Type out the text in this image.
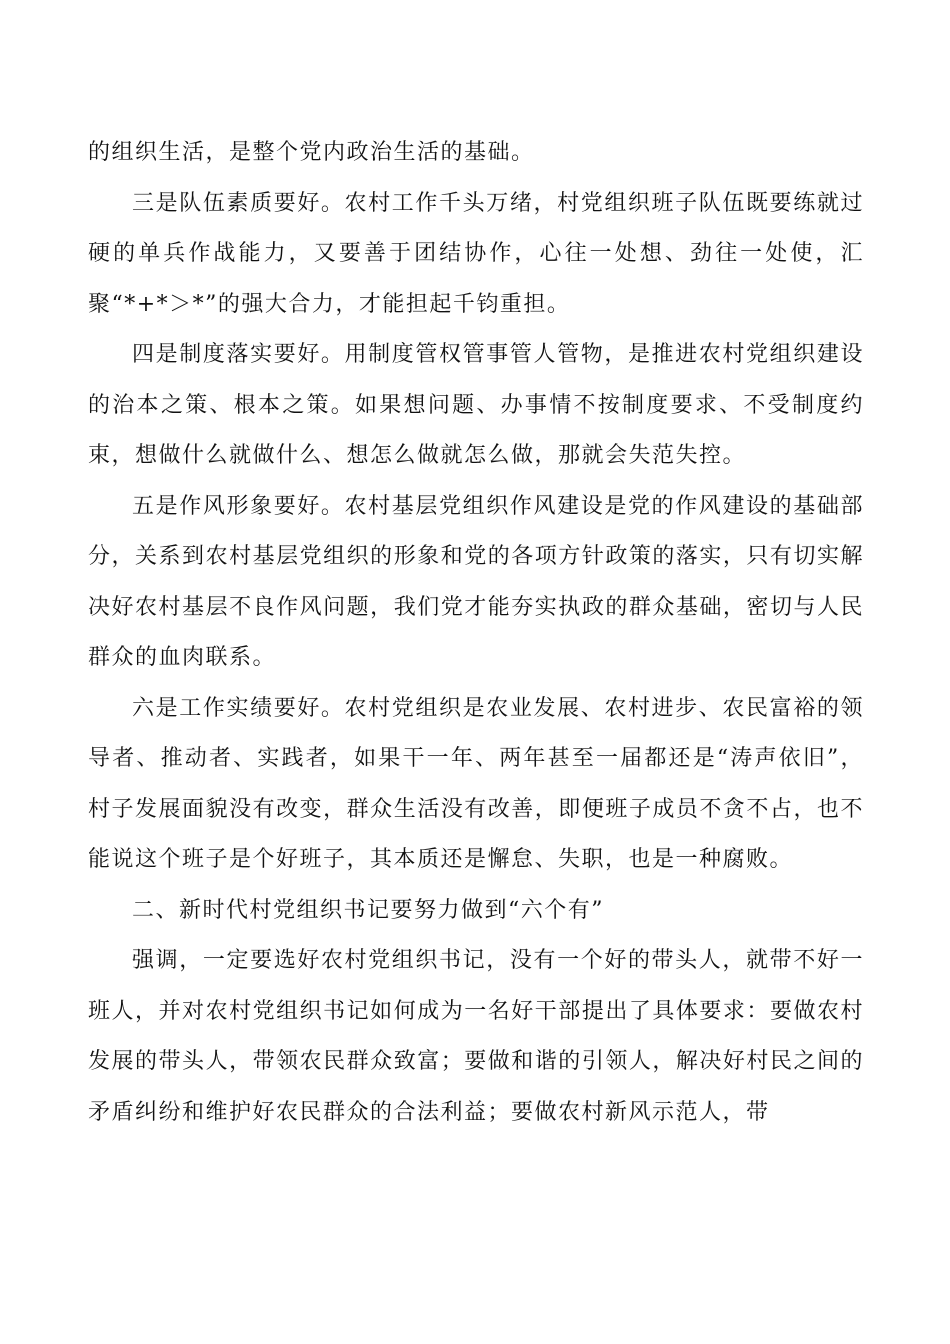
的组织生活，是整个党内政治生活的基础。

三是队伍素质要好。农村工作千头万绪，村党组织班子队伍既要练就过硬的单兵作战能力，又要善于团结协作，心往一处想、劲往一处使，汇聚“*+*＞*”的强大合力，才能担起千钧重担。

四是制度落实要好。用制度管权管事管人管物，是推进农村党组织建设的治本之策、根本之策。如果想问题、办事情不按制度要求、不受制度约束，想做什么就做什么、想怎么做就怎么做，那就会失范失控。

五是作风形象要好。农村基层党组织作风建设是党的作风建设的基础部分，关系到农村基层党组织的形象和党的各项方针政策的落实，只有切实解决好农村基层不良作风问题，我们党才能夯实执政的群众基础，密切与人民群众的血肉联系。

六是工作实绩要好。农村党组织是农业发展、农村进步、农民富裕的领导者、推动者、实践者，如果干一年、两年甚至一届都还是“涛声依旧”，村子发展面貌没有改变，群众生活没有改善，即便班子成员不贪不占，也不能说这个班子是个好班子，其本质还是懈怠、失职，也是一种腐败。

二、新时代村党组织书记要努力做到“六个有”

强调，一定要选好农村党组织书记，没有一个好的带头人，就带不好一班人，并对农村党组织书记如何成为一名好干部提出了具体要求：要做农村发展的带头人，带领农民群众致富；要做和谐的引领人，解决好村民之间的矛盾纠纷和维护好农民群众的合法利益；要做农村新风示范人，带
